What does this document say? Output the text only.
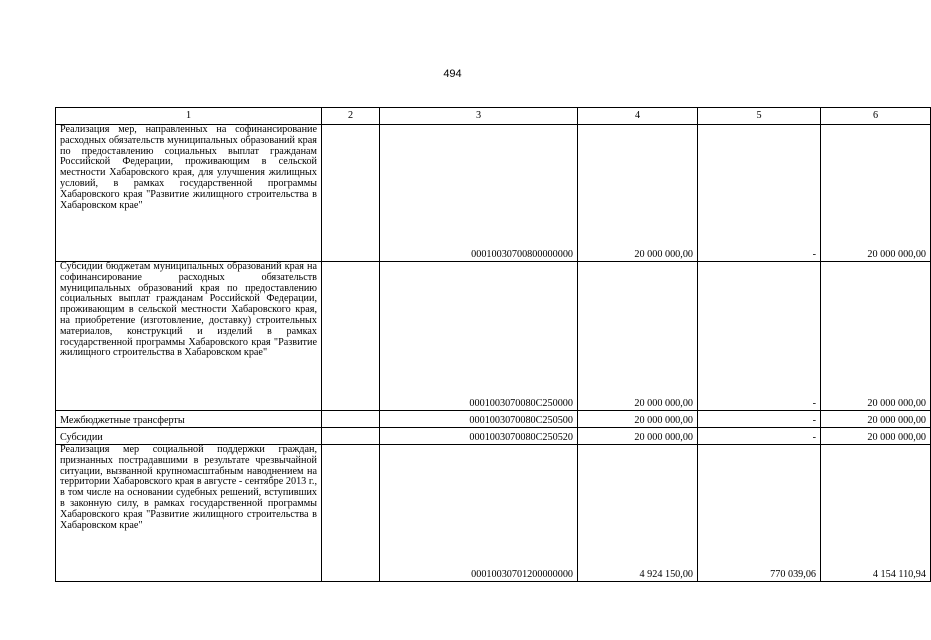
494
1	2	3	4	5	6
Реализация мер, направленных на софинансирование расходных обязательств муниципальных образований края по предоставлению социальных выплат гражданам Российской Федерации, проживающим в сельской местности Хабаровского края, для улучшения жилищных условий, в рамках государственной программы Хабаровского края "Развитие жилищного строительства в Хабаровском крае"		00010030700800000000	20 000 000,00	-	20 000 000,00
Субсидии бюджетам муниципальных образований края на софинансирование расходных обязательств муниципальных образований края по предоставлению социальных выплат гражданам Российской Федерации, проживающим в сельской местности Хабаровского края, на приобретение (изготовление, доставку) строительных материалов, конструкций и изделий в рамках государственной программы Хабаровского края "Развитие жилищного строительства в Хабаровском крае"		0001003070080С250000	20 000 000,00	-	20 000 000,00
Межбюджетные трансферты		0001003070080С250500	20 000 000,00	-	20 000 000,00
Субсидии		0001003070080С250520	20 000 000,00	-	20 000 000,00
Реализация мер социальной поддержки граждан, признанных пострадавшими в результате чрезвычайной ситуации, вызванной крупномасштабным наводнением на территории Хабаровского края в августе - сентябре 2013 г., в том числе на основании судебных решений, вступивших в законную силу, в рамках государственной программы Хабаровского края "Развитие жилищного строительства в Хабаровском крае"		00010030701200000000	4 924 150,00	770 039,06	4 154 110,94
